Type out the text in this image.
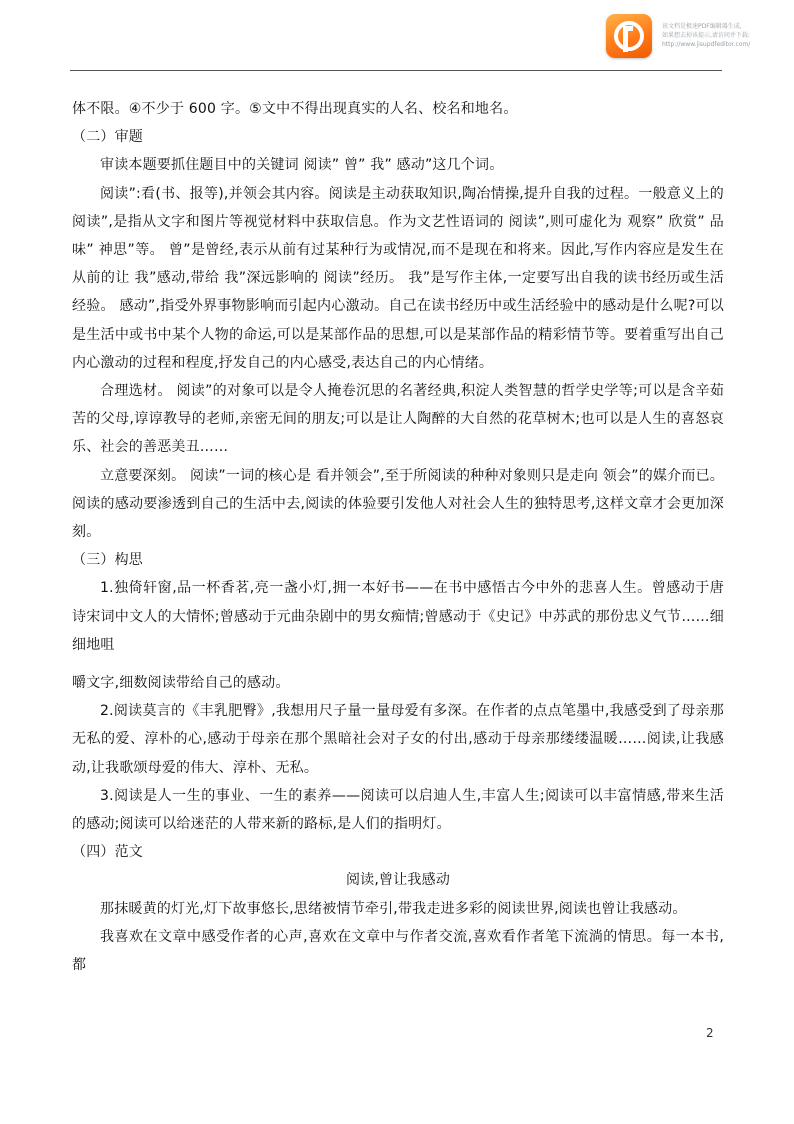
该文档是极速PDF编辑器生成,
如果想去掉该提示,请访问并下载:
http://www.jisupdfeditor.com/

体不限。④不少于 600 字。⑤文中不得出现真实的人名、校名和地名。

（二）审题

审读本题要抓住题目中的关键词 阅读” 曾” 我” 感动”这几个词。

阅读”:看(书、报等),并领会其内容。阅读是主动获取知识,陶冶情操,提升自我的过程。一般意义上的 阅读”,是指从文字和图片等视觉材料中获取信息。作为文艺性语词的 阅读”,则可虚化为 观察” 欣赏” 品味” 神思”等。 曾”是曾经,表示从前有过某种行为或情况,而不是现在和将来。因此,写作内容应是发生在从前的让 我”感动,带给 我”深远影响的 阅读”经历。 我”是写作主体,一定要写出自我的读书经历或生活经验。 感动”,指受外界事物影响而引起内心激动。自己在读书经历中或生活经验中的感动是什么呢?可以是生活中或书中某个人物的命运,可以是某部作品的思想,可以是某部作品的精彩情节等。要着重写出自己内心激动的过程和程度,抒发自己的内心感受,表达自己的内心情绪。

合理选材。 阅读”的对象可以是令人掩卷沉思的名著经典,积淀人类智慧的哲学史学等;可以是含辛茹苦的父母,谆谆教导的老师,亲密无间的朋友;可以是让人陶醉的大自然的花草树木;也可以是人生的喜怒哀乐、社会的善恶美丑……

立意要深刻。 阅读”一词的核心是 看并领会”,至于所阅读的种种对象则只是走向 领会”的媒介而已。阅读的感动要渗透到自己的生活中去,阅读的体验要引发他人对社会人生的独特思考,这样文章才会更加深刻。

（三）构思

1.独倚轩窗,品一杯香茗,亮一盏小灯,拥一本好书——在书中感悟古今中外的悲喜人生。曾感动于唐诗宋词中文人的大情怀;曾感动于元曲杂剧中的男女痴情;曾感动于《史记》中苏武的那份忠义气节……细细地咀

嚼文字,细数阅读带给自己的感动。

2.阅读莫言的《丰乳肥臀》,我想用尺子量一量母爱有多深。在作者的点点笔墨中,我感受到了母亲那无私的爱、淳朴的心,感动于母亲在那个黑暗社会对子女的付出,感动于母亲那缕缕温暖……阅读,让我感动,让我歌颂母爱的伟大、淳朴、无私。

3.阅读是人一生的事业、一生的素养——阅读可以启迪人生,丰富人生;阅读可以丰富情感,带来生活的感动;阅读可以给迷茫的人带来新的路标,是人们的指明灯。

（四）范文

阅读,曾让我感动

那抹暖黄的灯光,灯下故事悠长,思绪被情节牵引,带我走进多彩的阅读世界,阅读也曾让我感动。

我喜欢在文章中感受作者的心声,喜欢在文章中与作者交流,喜欢看作者笔下流淌的情思。每一本书,都

2
